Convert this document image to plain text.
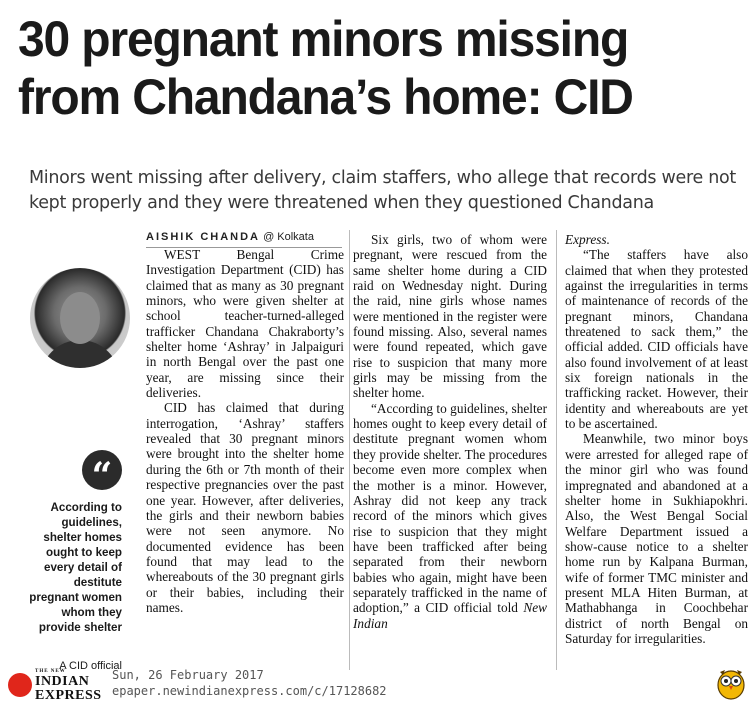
30 pregnant minors missing
from Chandana’s home: CID
Minors went missing after delivery, claim staffers, who allege that records were not kept properly and they were threatened when they questioned Chandana
AISHIK CHANDA @ Kolkata
“
According to guidelines, shelter homes ought to keep every detail of destitute pregnant women whom they provide shelter
A CID official

WEST Bengal Crime Investigation Department (CID) has claimed that as many as 30 pregnant minors, who were given shelter at school teacher-turned-alleged trafficker Chandana Chakraborty’s shelter home ‘Ashray’ in Jalpaiguri in north Bengal over the past one year, are missing since their deliveries.

CID has claimed that during interrogation, ‘Ashray’ staffers revealed that 30 pregnant minors were brought into the shelter home during the 6th or 7th month of their respective pregnancies over the past one year. However, after deliveries, the girls and their newborn babies were not seen anymore. No documented evidence has been found that may lead to the whereabouts of the 30 pregnant girls or their babies, including their names.

Six girls, two of whom were pregnant, were rescued from the same shelter home during a CID raid on Wednesday night. During the raid, nine girls whose names were mentioned in the register were found missing. Also, several names were found repeated, which gave rise to suspicion that many more girls may be missing from the shelter home.

“According to guidelines, shelter homes ought to keep every detail of destitute pregnant women whom they provide shelter. The procedures become even more complex when the mother is a minor. However, Ashray did not keep any track record of the minors which gives rise to suspicion that they might have been trafficked after being separated from their newborn babies who again, might have been separately trafficked in the name of adoption,” a CID official told New Indian

Express.

“The staffers have also claimed that when they protested against the irregularities in terms of maintenance of records of the pregnant minors, Chandana threatened to sack them,” the official added. CID officials have also found involvement of at least six foreign nationals in the trafficking racket. However, their identity and whereabouts are yet to be ascertained.

Meanwhile, two minor boys were arrested for alleged rape of the minor girl who was found impregnated and abandoned at a shelter home in Sukhiapokhri. Also, the West Bengal Social Welfare Department issued a show-cause notice to a shelter home run by Kalpana Burman, wife of former TMC minister and present MLA Hiten Burman, at Mathabhanga in Coochbehar district of north Bengal on Saturday for irregularities.

THE NEW
INDIAN
EXPRESS
Sun, 26 February 2017
epaper.newindianexpress.com/c/17128682
